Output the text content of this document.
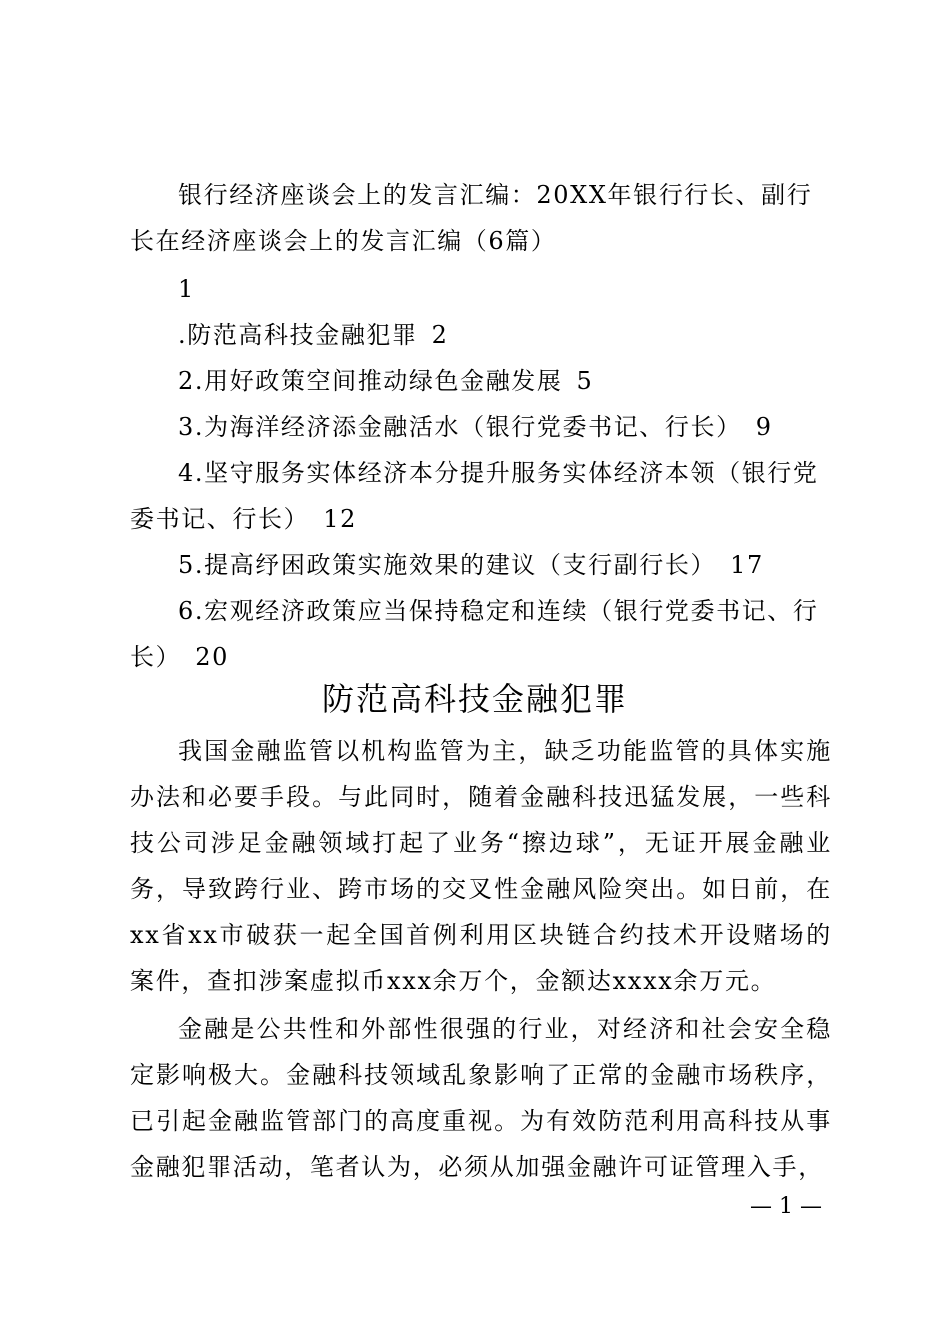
银行经济座谈会上的发言汇编：20XX年银行行长、副行长在经济座谈会上的发言汇编（6篇）
1
.防范高科技金融犯罪 2
2.用好政策空间推动绿色金融发展 5
3.为海洋经济添金融活水（银行党委书记、行长） 9
4.坚守服务实体经济本分提升服务实体经济本领（银行党委书记、行长） 12
5.提高纾困政策实施效果的建议（支行副行长） 17
6.宏观经济政策应当保持稳定和连续（银行党委书记、行长） 20
防范高科技金融犯罪
我国金融监管以机构监管为主，缺乏功能监管的具体实施办法和必要手段。与此同时，随着金融科技迅猛发展，一些科技公司涉足金融领域打起了业务“擦边球”，无证开展金融业务，导致跨行业、跨市场的交叉性金融风险突出。如日前，在xx省xx市破获一起全国首例利用区块链合约技术开设赌场的案件，查扣涉案虚拟币xxx余万个，金额达xxxx余万元。
金融是公共性和外部性很强的行业，对经济和社会安全稳定影响极大。金融科技领域乱象影响了正常的金融市场秩序，已引起金融监管部门的高度重视。为有效防范利用高科技从事金融犯罪活动，笔者认为，必须从加强金融许可证管理入手，
— 1 —
